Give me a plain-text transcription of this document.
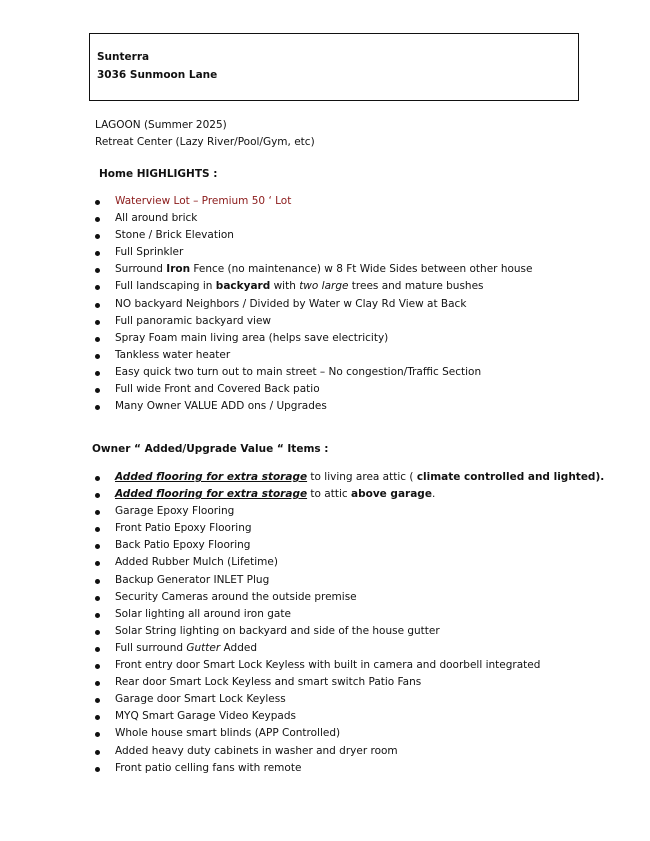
Sunterra
3036 Sunmoon Lane
LAGOON (Summer 2025)
Retreat Center (Lazy River/Pool/Gym, etc)
Home HIGHLIGHTS :
Waterview Lot – Premium 50 ‘ Lot
All around brick
Stone / Brick Elevation
Full Sprinkler
Surround Iron Fence (no maintenance) w 8 Ft Wide Sides between other house
Full landscaping in backyard with two large trees and mature bushes
NO backyard Neighbors / Divided by Water w Clay Rd View at Back
Full panoramic backyard view
Spray Foam main living area (helps save electricity)
Tankless water heater
Easy quick two turn out to main street – No congestion/Traffic Section
Full wide Front and Covered Back patio
Many Owner VALUE ADD ons / Upgrades
Owner “ Added/Upgrade Value “ Items :
Added flooring for extra storage to living area attic ( climate controlled and lighted).
Added flooring for extra storage to attic above garage.
Garage Epoxy Flooring
Front Patio Epoxy Flooring
Back Patio Epoxy Flooring
Added Rubber Mulch (Lifetime)
Backup Generator INLET Plug
Security Cameras around the outside premise
Solar lighting all around iron gate
Solar String lighting on backyard and side of the house gutter
Full surround Gutter Added
Front entry door Smart Lock Keyless with built in camera and doorbell integrated
Rear door Smart Lock Keyless and smart switch Patio Fans
Garage door Smart Lock Keyless
MYQ Smart Garage Video Keypads
Whole house smart blinds (APP Controlled)
Added heavy duty cabinets in washer and dryer room
Front patio celling fans with remote
